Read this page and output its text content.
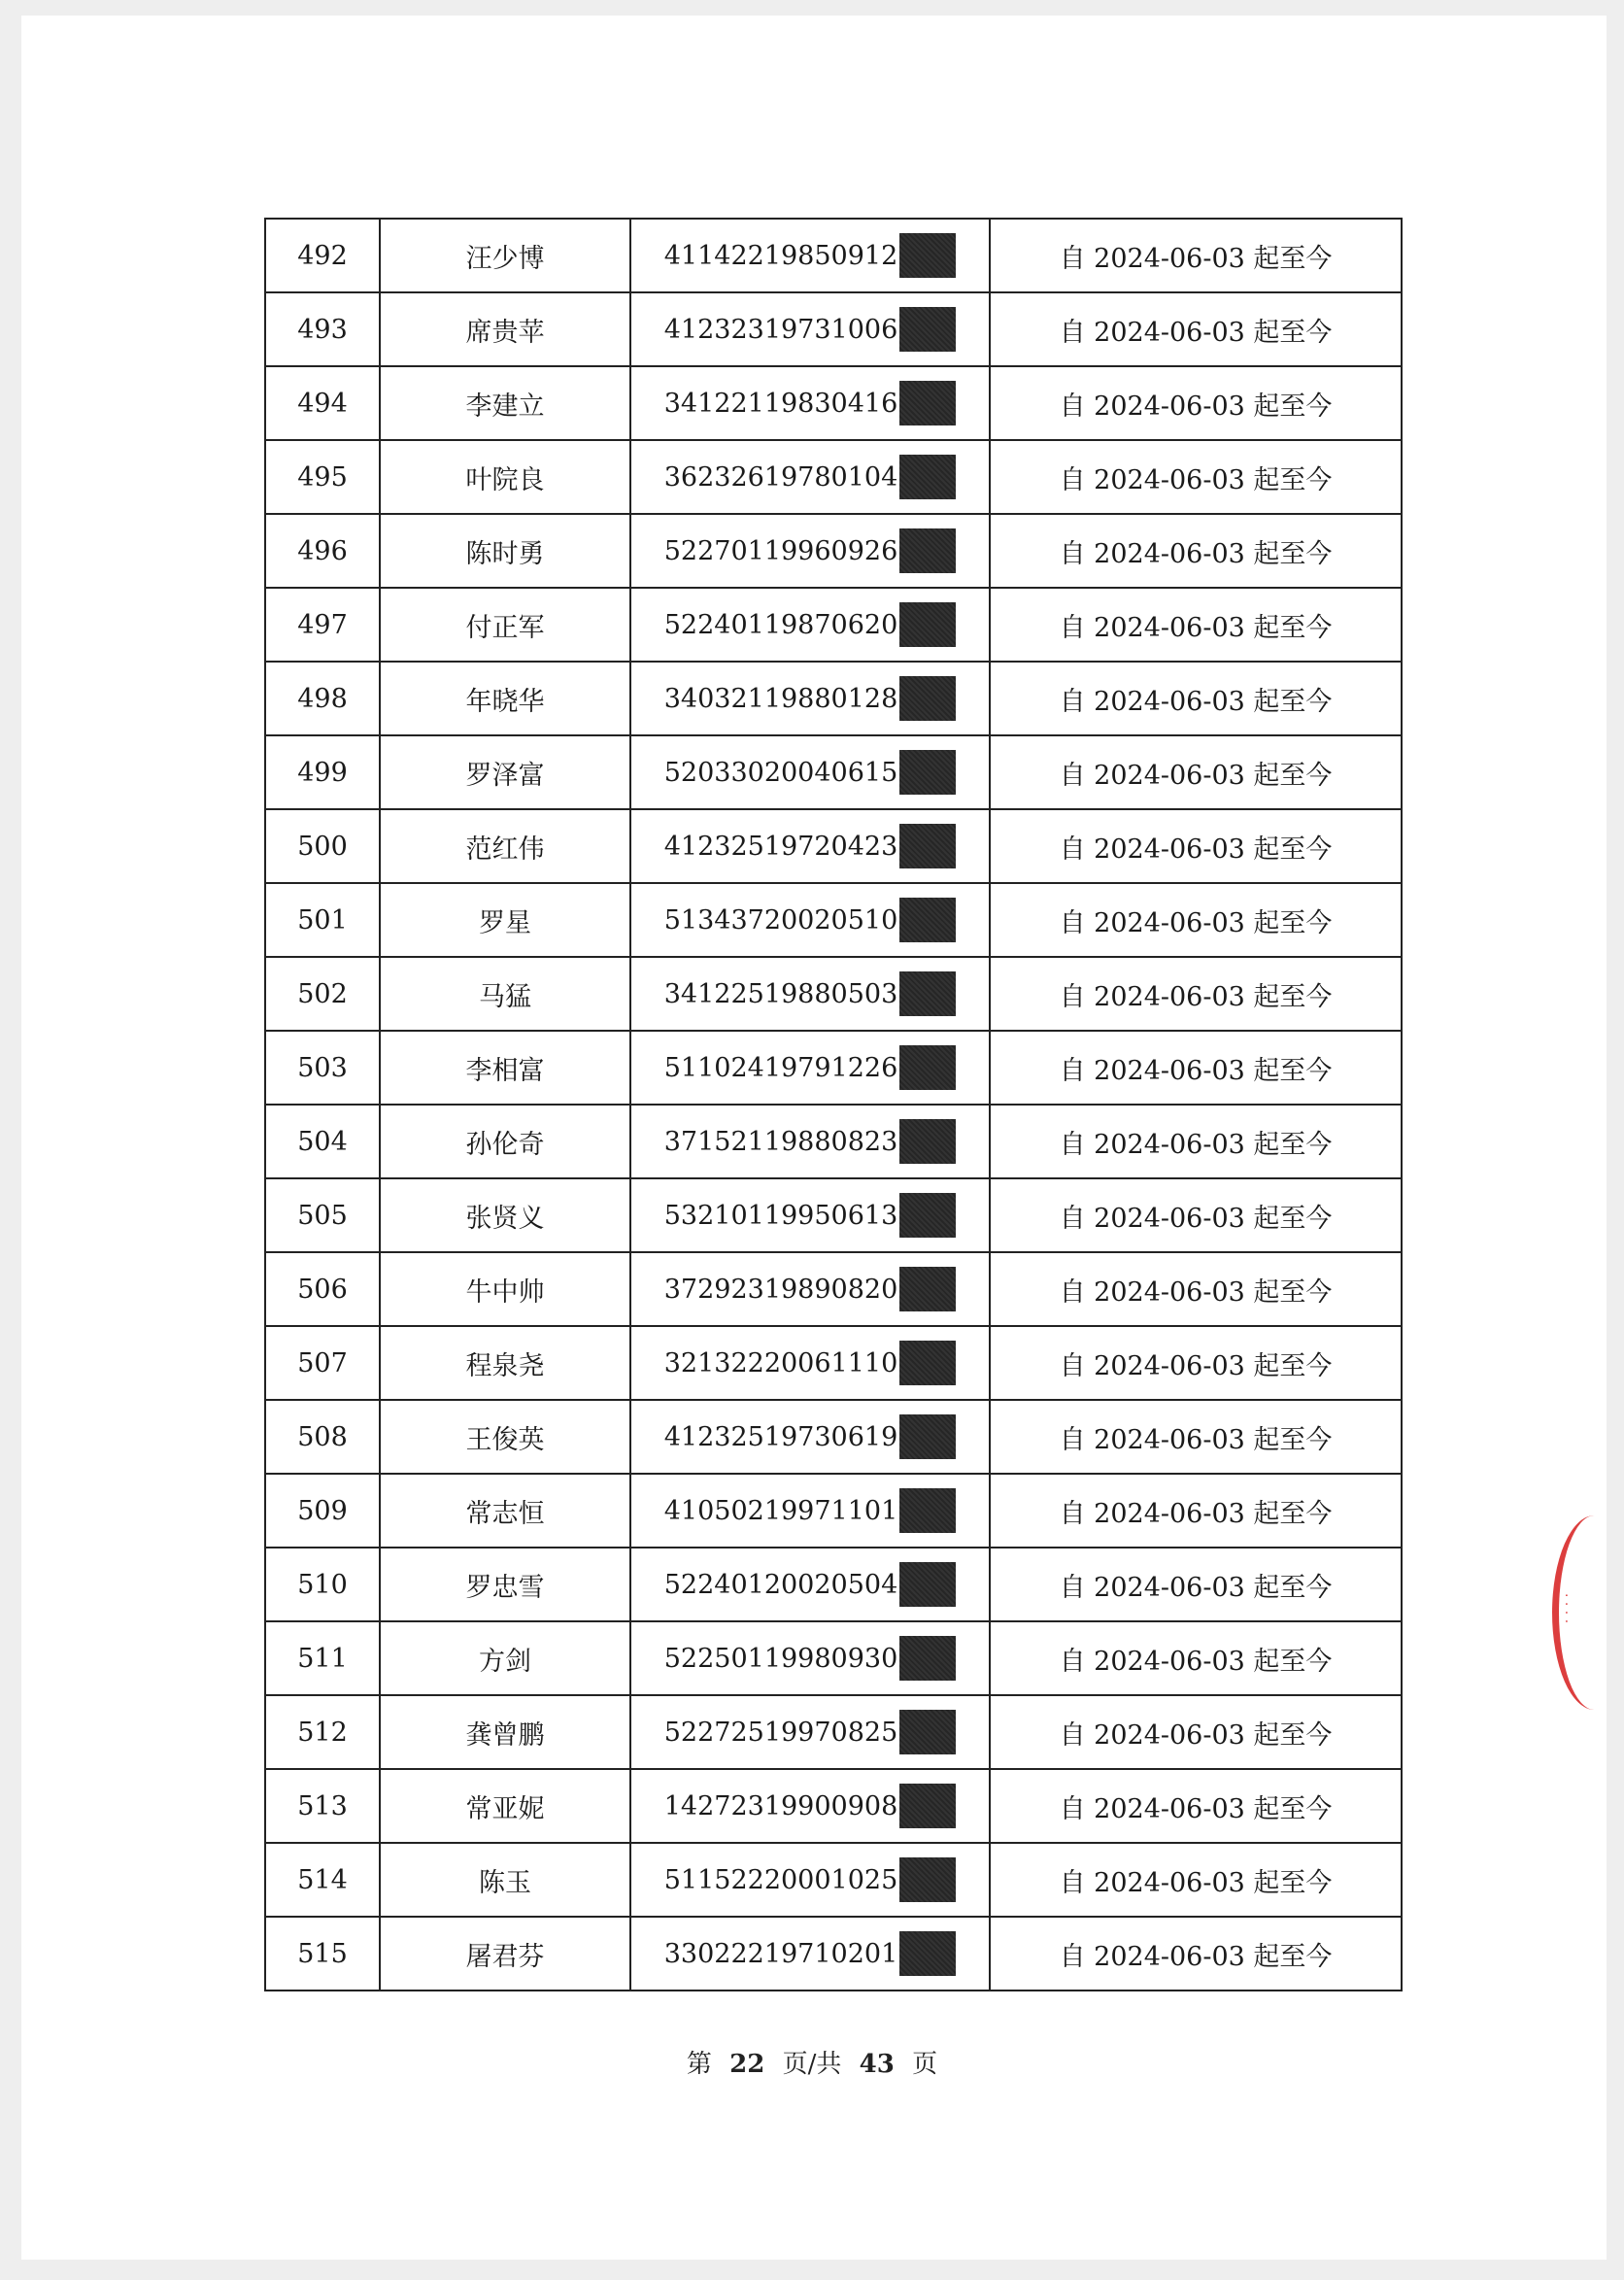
492	汪少博	41142219850912	自 2024-06-03 起至今
493	席贵苹	41232319731006	自 2024-06-03 起至今
494	李建立	34122119830416	自 2024-06-03 起至今
495	叶院良	36232619780104	自 2024-06-03 起至今
496	陈时勇	52270119960926	自 2024-06-03 起至今
497	付正军	52240119870620	自 2024-06-03 起至今
498	年晓华	34032119880128	自 2024-06-03 起至今
499	罗泽富	52033020040615	自 2024-06-03 起至今
500	范红伟	41232519720423	自 2024-06-03 起至今
501	罗星	51343720020510	自 2024-06-03 起至今
502	马猛	34122519880503	自 2024-06-03 起至今
503	李相富	51102419791226	自 2024-06-03 起至今
504	孙伦奇	37152119880823	自 2024-06-03 起至今
505	张贤义	53210119950613	自 2024-06-03 起至今
506	牛中帅	37292319890820	自 2024-06-03 起至今
507	程泉尧	32132220061110	自 2024-06-03 起至今
508	王俊英	41232519730619	自 2024-06-03 起至今
509	常志恒	41050219971101	自 2024-06-03 起至今
510	罗忠雪	52240120020504	自 2024-06-03 起至今
511	方剑	52250119980930	自 2024-06-03 起至今
512	龚曾鹏	52272519970825	自 2024-06-03 起至今
513	常亚妮	14272319900908	自 2024-06-03 起至今
514	陈玉	51152220001025	自 2024-06-03 起至今
515	屠君芬	33022219710201	自 2024-06-03 起至今
· · · ·
第 22 页/共 43 页
